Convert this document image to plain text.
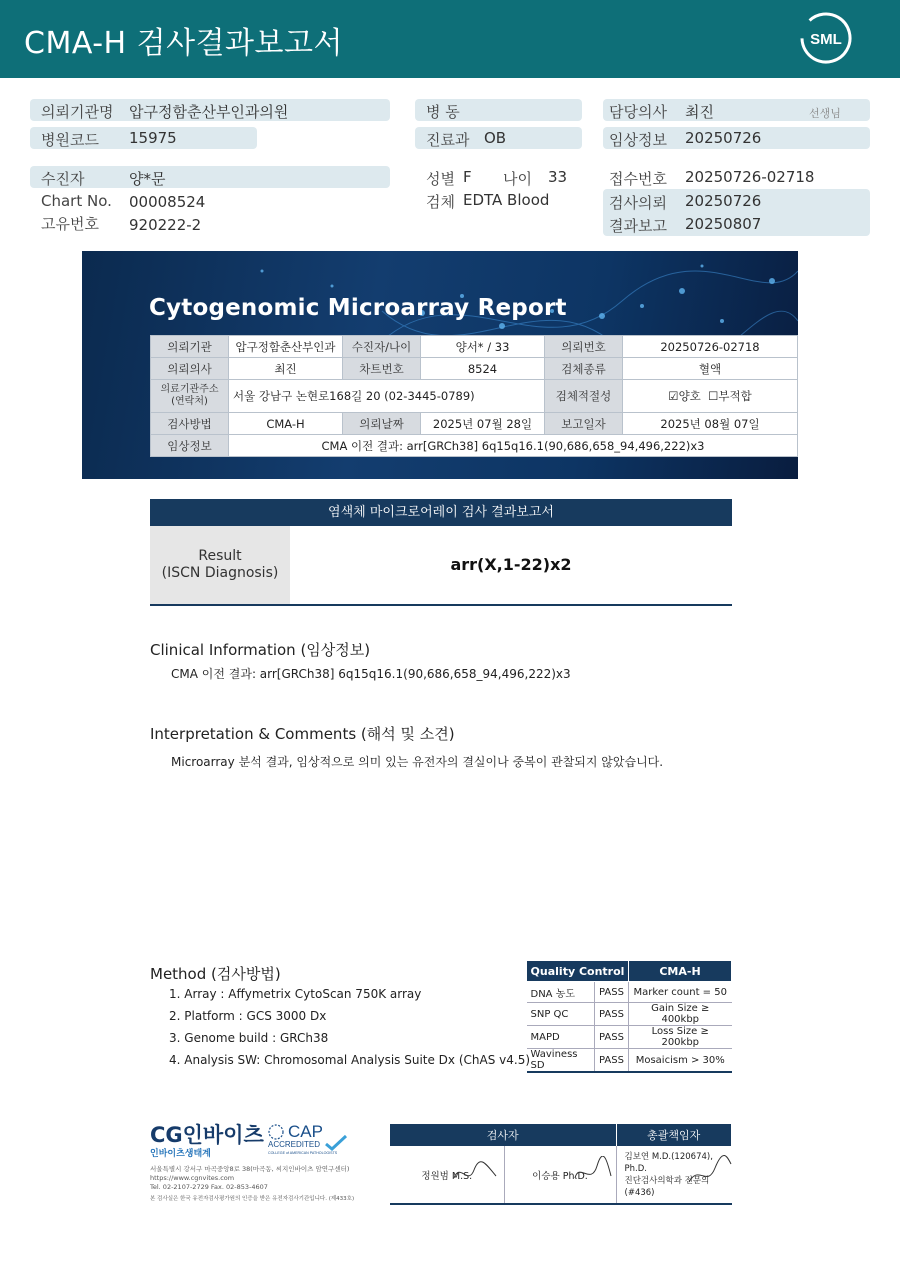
CMA-H 검사결과보고서	SML
의뢰기관명 압구정함춘산부인과의원
병원코드 15975
병 동
진료과 OB
담당의사 최진	선생님
임상정보 20250726
수진자	양*문
Chart No. 00008524
고유번호 920222-2
성별 F 나이 33
검체 EDTA Blood
접수번호 20250726-02718
검사의뢰 20250726
결과보고 20250807
Cytogenomic Microarray Report
의뢰기관	압구정함춘산부인과	수진자/나이	양서* / 33	의뢰번호	20250726-02718
의뢰의사	최진	차트번호	8524	검체종류	혈액
의료기관주소 (연락처)	서울 강남구 논현로168길 20 (02-3445-0789)			검체적절성	☑양호 ☐부적합
검사방법	CMA-H	의뢰날짜	2025년 07월 28일	보고일자	2025년 08월 07일
임상정보	CMA 이전 결과: arr[GRCh38] 6q15q16.1(90,686,658_94,496,222)x3				
염색체 마이크로어레이 검사 결과보고서
Result
(ISCN Diagnosis)	arr(X,1-22)x2
Clinical Information (임상정보)
CMA 이전 결과: arr[GRCh38] 6q15q16.1(90,686,658_94,496,222)x3
Interpretation & Comments (해석 및 소견)
Microarray 분석 결과, 임상적으로 의미 있는 유전자의 결실이나 중복이 관찰되지 않았습니다.
Method (검사방법)
1. Array : Affymetrix CytoScan 750K array
2. Platform : GCS 3000 Dx
3. Genome build : GRCh38
4. Analysis SW: Chromosomal Analysis Suite Dx (ChAS v4.5)
Quality Control		CMA-H
DNA 농도	PASS	Marker count = 50
SNP QC	PASS	Gain Size ≥ 400kbp
MAPD	PASS	Loss Size ≥ 200kbp
Waviness SD	PASS	Mosaicism > 30%
CG인바이츠
인바이츠생태계
CAP
ACCREDITED
COLLEGE of AMERICAN PATHOLOGISTS
서울특별시 강서구 마곡중앙8로 38(마곡동, 씨지인바이츠 암연구센터)
https://www.cgnvites.com
Tel. 02-2107-2729 Fax. 02-853-4607
본 검사실은 한국 유전자검사평가원의 인증을 받은 유전자검사기관입니다. (제433호)
검사자		총괄책임자
정원범 M.S.	이승용 Ph.D.	김보연 M.D.(120674), Ph.D.
진단검사의학과 전문의(#436)
